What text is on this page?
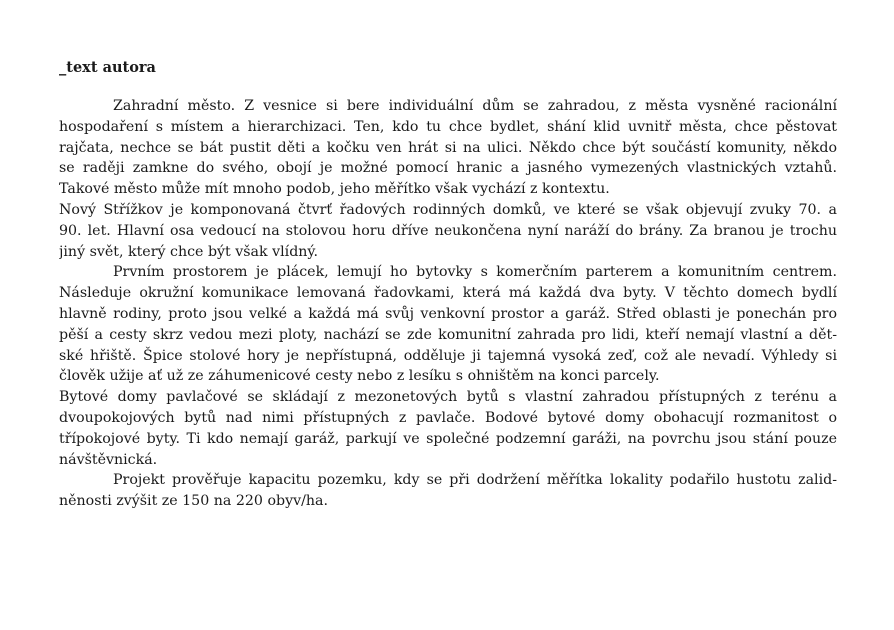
_text autora
Zahradní město. Z vesnice si bere individuální dům se zahradou, z města vysněné racionální
hospodaření s místem a hierarchizaci. Ten, kdo tu chce bydlet, shání klid uvnitř města, chce pěstovat
rajčata, nechce se bát pustit děti a kočku ven hrát si na ulici. Někdo chce být součástí komunity, někdo
se raději zamkne do svého, obojí je možné pomocí hranic a jasného vymezených vlastnických vztahů.
Takové město může mít mnoho podob, jeho měřítko však vychází z kontextu.
Nový Střížkov je komponovaná čtvrť řadových rodinných domků, ve které se však objevují zvuky 70. a
90. let. Hlavní osa vedoucí na stolovou horu dříve neukončena nyní naráží do brány. Za branou je trochu
jiný svět, který chce být však vlídný.
Prvním prostorem je plácek, lemují ho bytovky s komerčním parterem a komunitním centrem.
Následuje okružní komunikace lemovaná řadovkami, která má každá dva byty. V těchto domech bydlí
hlavně rodiny, proto jsou velké a každá má svůj venkovní prostor a garáž. Střed oblasti je ponechán pro
pěší a cesty skrz vedou mezi ploty, nachází se zde komunitní zahrada pro lidi, kteří nemají vlastní a dět-
ské hřiště. Špice stolové hory je nepřístupná, odděluje ji tajemná vysoká zeď, což ale nevadí. Výhledy si
člověk užije ať už ze záhumenicové cesty nebo z lesíku s ohništěm na konci parcely.
Bytové domy pavlačové se skládají z mezonetových bytů s vlastní zahradou přístupných z terénu a
dvoupokojových bytů nad nimi přístupných z pavlače. Bodové bytové domy obohacují rozmanitost o
třípokojové byty. Ti kdo nemají garáž, parkují ve společné podzemní garáži, na povrchu jsou stání pouze
návštěvnická.
Projekt prověřuje kapacitu pozemku, kdy se při dodržení měřítka lokality podařilo hustotu zalid-
něnosti zvýšit ze 150 na 220 obyv/ha.
